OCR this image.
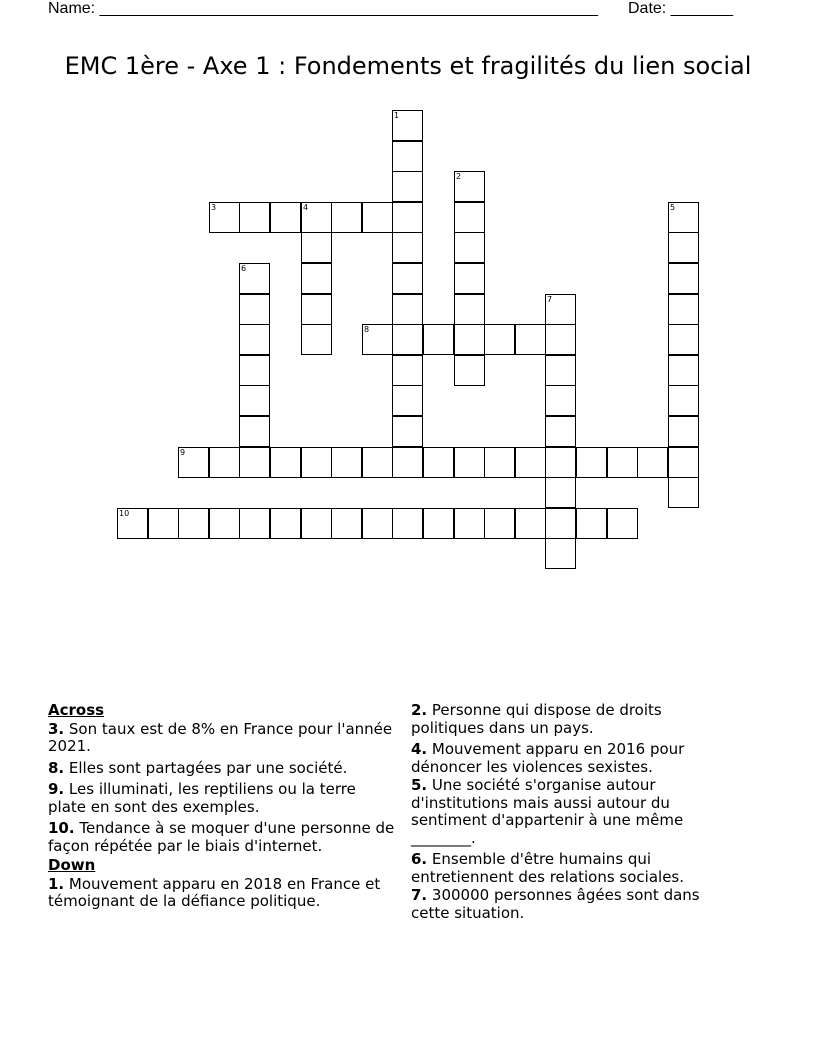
Name: ________________________________________________________ Date: _______
EMC 1ère - Axe 1 : Fondements et fragilités du lien social
1
2
3	4	5
6
7
8
9
10
Across
3. Son taux est de 8% en France pour l'année 2021.
8. Elles sont partagées par une société.
9. Les illuminati, les reptiliens ou la terre plate en sont des exemples.
10. Tendance à se moquer d'une personne de façon répétée par le biais d'internet.
Down
1. Mouvement apparu en 2018 en France et témoignant de la défiance politique.
2. Personne qui dispose de droits politiques dans un pays.
4. Mouvement apparu en 2016 pour dénoncer les violences sexistes.
5. Une société s'organise autour d'institutions mais aussi autour du sentiment d'appartenir à une même ________.
6. Ensemble d'être humains qui entretiennent des relations sociales.
7. 300000 personnes âgées sont dans cette situation.
